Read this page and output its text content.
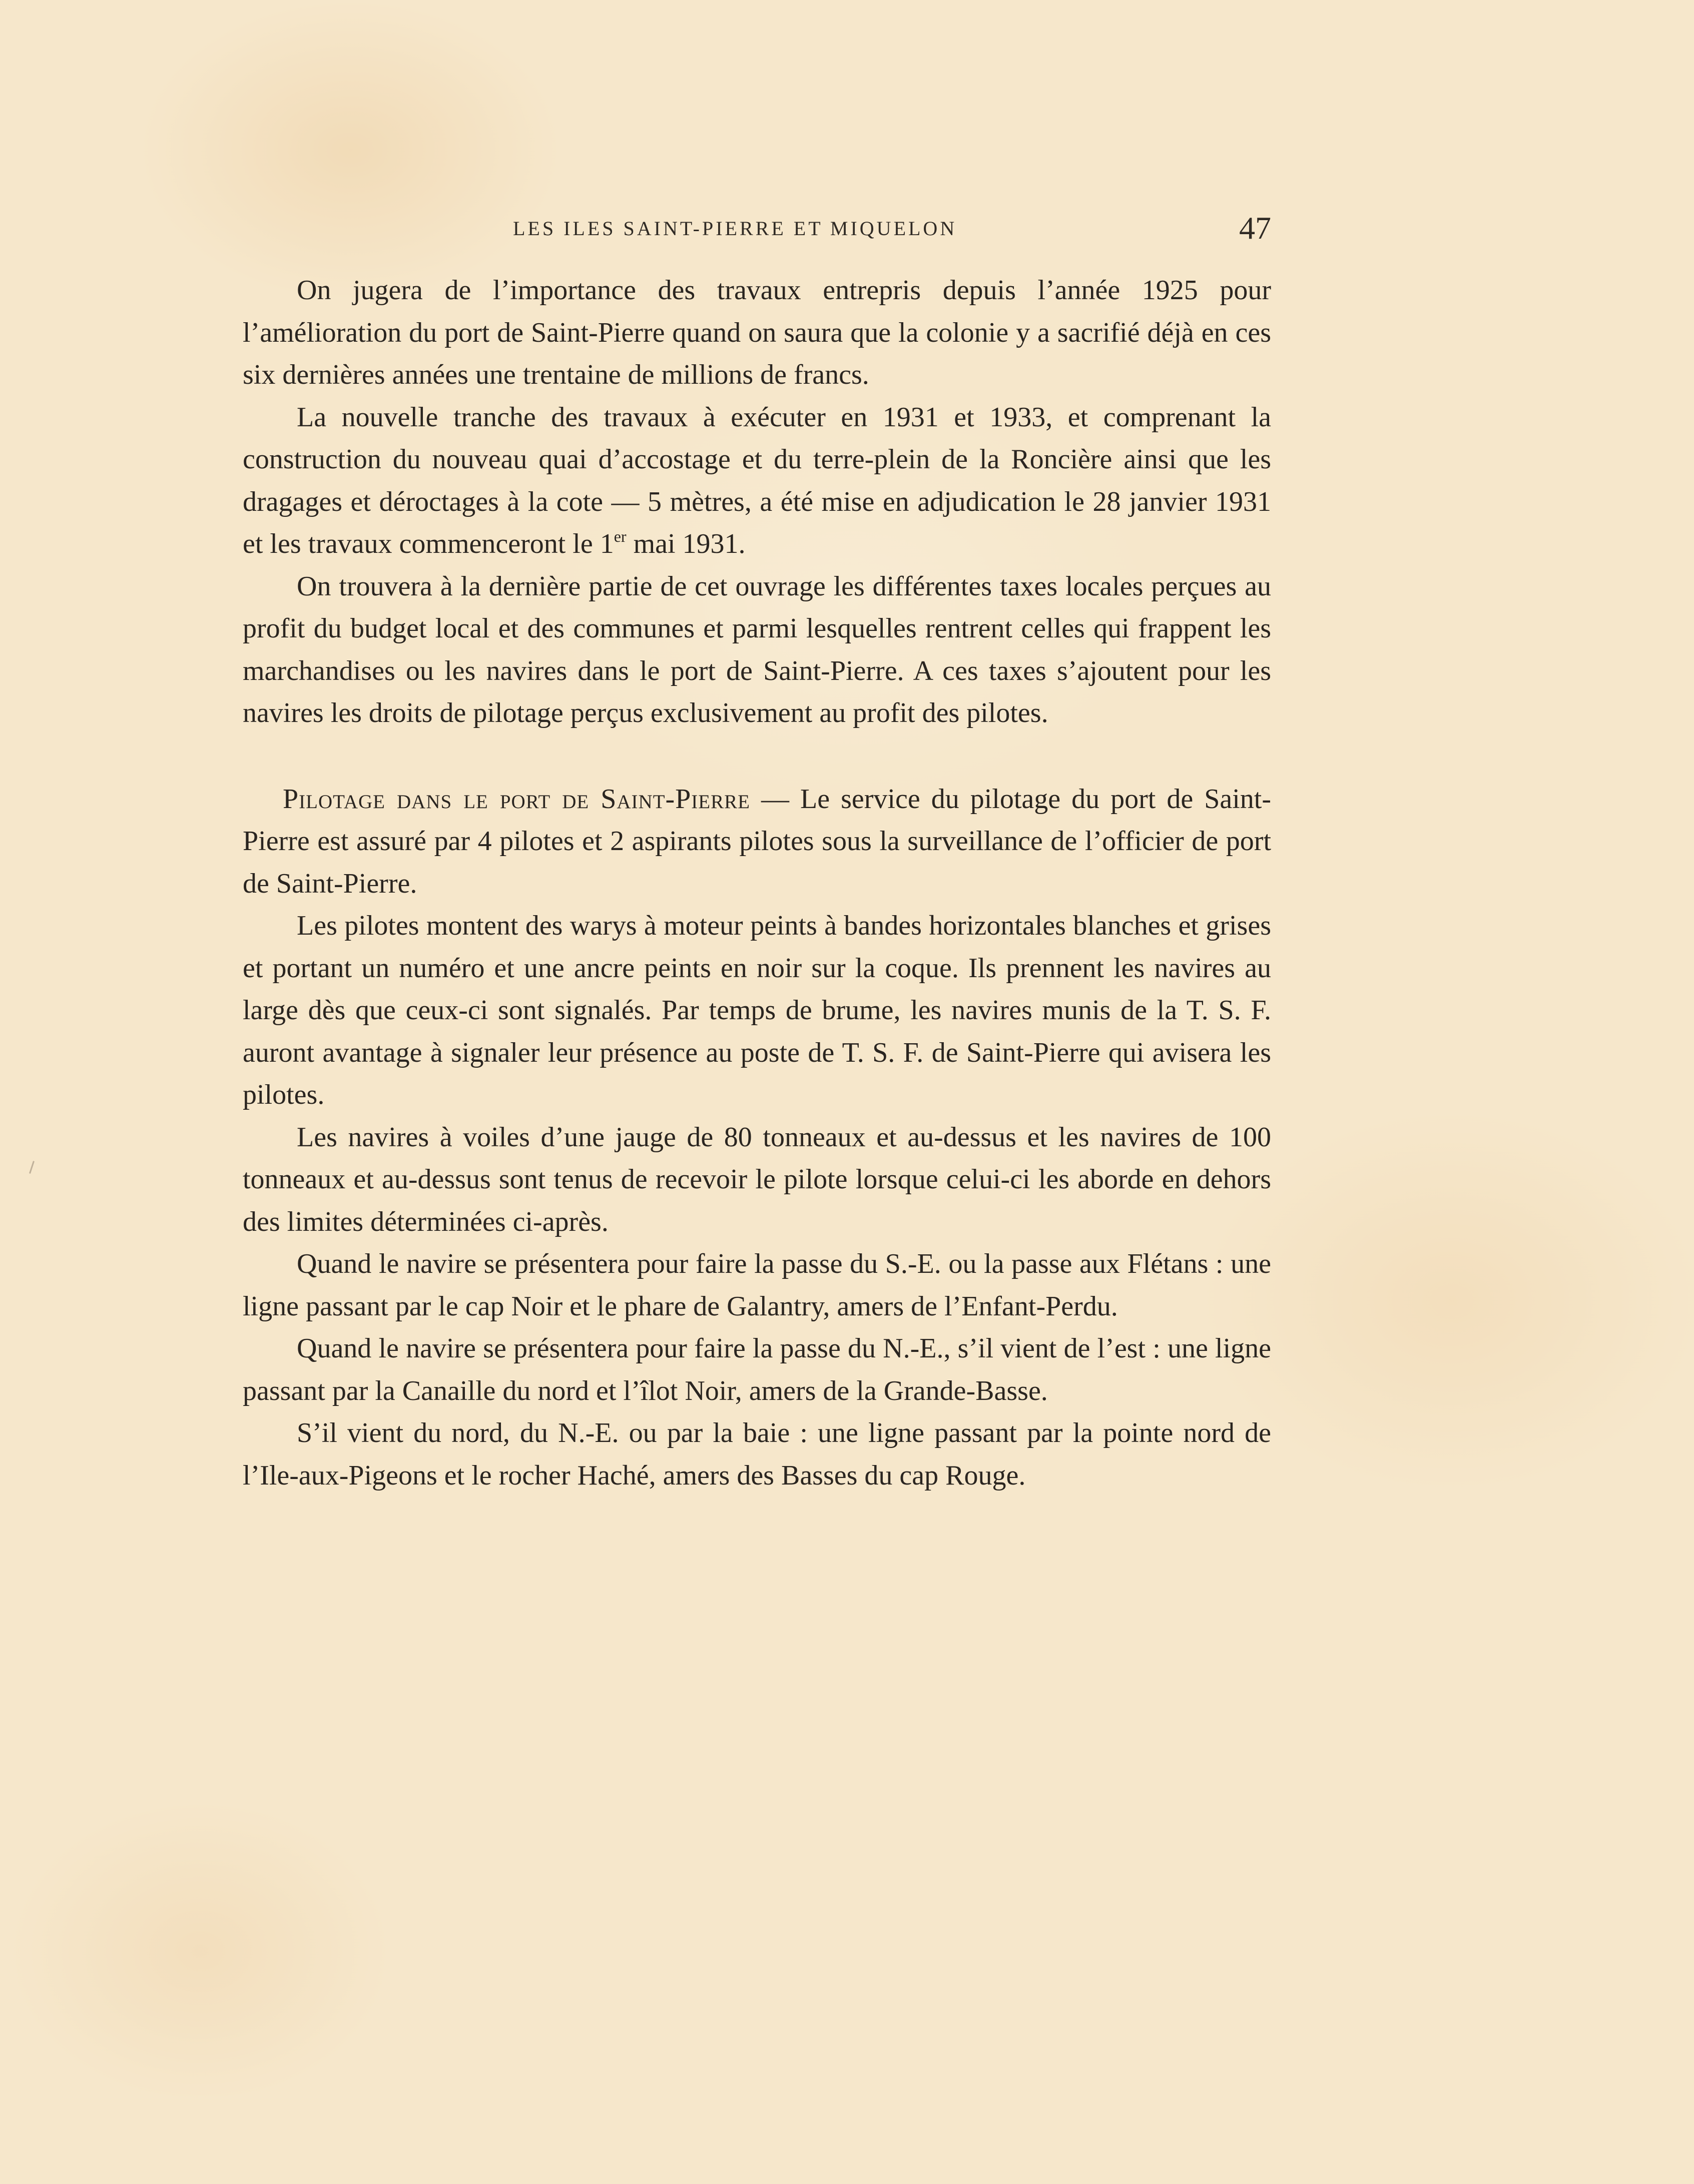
LES ILES SAINT-PIERRE ET MIQUELON	47

On jugera de l’importance des travaux entrepris depuis l’année 1925 pour l’amélioration du port de Saint-Pierre quand on saura que la colonie y a sacrifié déjà en ces six dernières années une trentaine de millions de francs.

La nouvelle tranche des travaux à exécuter en 1931 et 1933, et comprenant la construction du nouveau quai d’accostage et du terre-plein de la Roncière ainsi que les dragages et déroctages à la cote — 5 mètres, a été mise en adjudication le 28 janvier 1931 et les travaux commenceront le 1er mai 1931.

On trouvera à la dernière partie de cet ouvrage les différentes taxes locales perçues au profit du budget local et des communes et parmi lesquelles rentrent celles qui frappent les marchandises ou les navires dans le port de Saint-Pierre. A ces taxes s’ajoutent pour les navires les droits de pilotage perçus exclusivement au profit des pilotes.

Pilotage dans le port de Saint-Pierre — Le service du pilotage du port de Saint-Pierre est assuré par 4 pilotes et 2 aspirants pilotes sous la surveillance de l’officier de port de Saint-Pierre.

Les pilotes montent des warys à moteur peints à bandes horizontales blanches et grises et portant un numéro et une ancre peints en noir sur la coque. Ils prennent les navires au large dès que ceux-ci sont signalés. Par temps de brume, les navires munis de la T. S. F. auront avantage à signaler leur présence au poste de T. S. F. de Saint-Pierre qui avisera les pilotes.

Les navires à voiles d’une jauge de 80 tonneaux et au-dessus et les navires de 100 tonneaux et au-dessus sont tenus de recevoir le pilote lorsque celui-ci les aborde en dehors des limites déterminées ci-après.

Quand le navire se présentera pour faire la passe du S.-E. ou la passe aux Flétans : une ligne passant par le cap Noir et le phare de Galantry, amers de l’Enfant-Perdu.

Quand le navire se présentera pour faire la passe du N.-E., s’il vient de l’est : une ligne passant par la Canaille du nord et l’îlot Noir, amers de la Grande-Basse.

S’il vient du nord, du N.-E. ou par la baie : une ligne passant par la pointe nord de l’Ile-aux-Pigeons et le rocher Haché, amers des Basses du cap Rouge.
